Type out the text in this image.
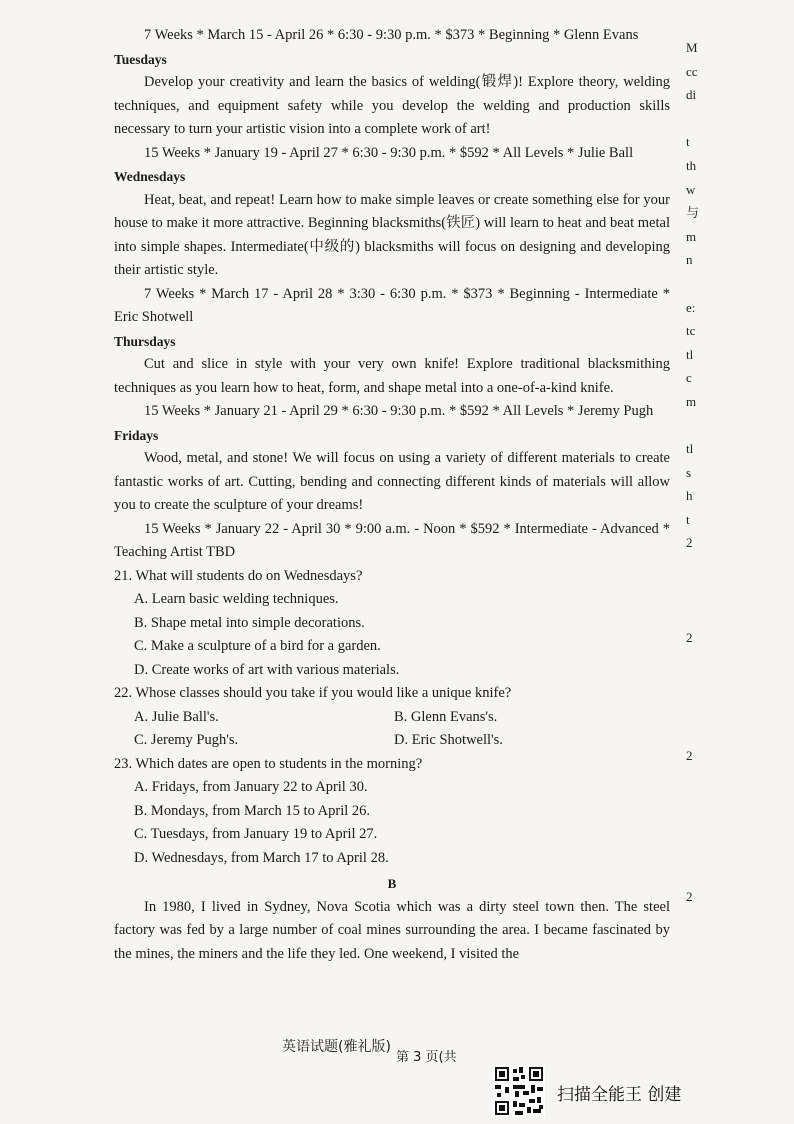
7 Weeks * March 15 - April 26 * 6:30 - 9:30 p.m. * $373 * Beginning * Glenn Evans

Tuesdays

Develop your creativity and learn the basics of welding(锻焊)! Explore theory, welding techniques, and equipment safety while you develop the welding and production skills necessary to turn your artistic vision into a complete work of art!

15 Weeks * January 19 - April 27 * 6:30 - 9:30 p.m. * $592 * All Levels * Julie Ball

Wednesdays

Heat, beat, and repeat! Learn how to make simple leaves or create something else for your house to make it more attractive. Beginning blacksmiths(铁匠) will learn to heat and beat metal into simple shapes. Intermediate(中级的) blacksmiths will focus on designing and developing their artistic style.

7 Weeks * March 17 - April 28 * 3:30 - 6:30 p.m. * $373 * Beginning - Intermediate * Eric Shotwell

Thursdays

Cut and slice in style with your very own knife! Explore traditional blacksmithing techniques as you learn how to heat, form, and shape metal into a one-of-a-kind knife.

15 Weeks * January 21 - April 29 * 6:30 - 9:30 p.m. * $592 * All Levels * Jeremy Pugh

Fridays

Wood, metal, and stone! We will focus on using a variety of different materials to create fantastic works of art. Cutting, bending and connecting different kinds of materials will allow you to create the sculpture of your dreams!

15 Weeks * January 22 - April 30 * 9:00 a.m. - Noon * $592 * Intermediate - Advanced * Teaching Artist TBD

21. What will students do on Wednesdays?

A. Learn basic welding techniques.

B. Shape metal into simple decorations.

C. Make a sculpture of a bird for a garden.

D. Create works of art with various materials.

22. Whose classes should you take if you would like a unique knife?

A. Julie Ball's.	B. Glenn Evans's.
C. Jeremy Pugh's.	D. Eric Shotwell's.

23. Which dates are open to students in the morning?

A. Fridays, from January 22 to April 30.

B. Mondays, from March 15 to April 26.

C. Tuesdays, from January 19 to April 27.

D. Wednesdays, from March 17 to April 28.

B

In 1980, I lived in Sydney, Nova Scotia which was a dirty steel town then. The steel factory was fed by a large number of coal mines surrounding the area. I became fascinated by the mines, the miners and the life they led. One weekend, I visited the

M
cc
di
t
th
w
与
m
n
e:
tc
tl
c
m
tl
s
h
t
2
2
2
2
英语试题(雅礼版)
第 3 页(共
扫描全能王 创建
